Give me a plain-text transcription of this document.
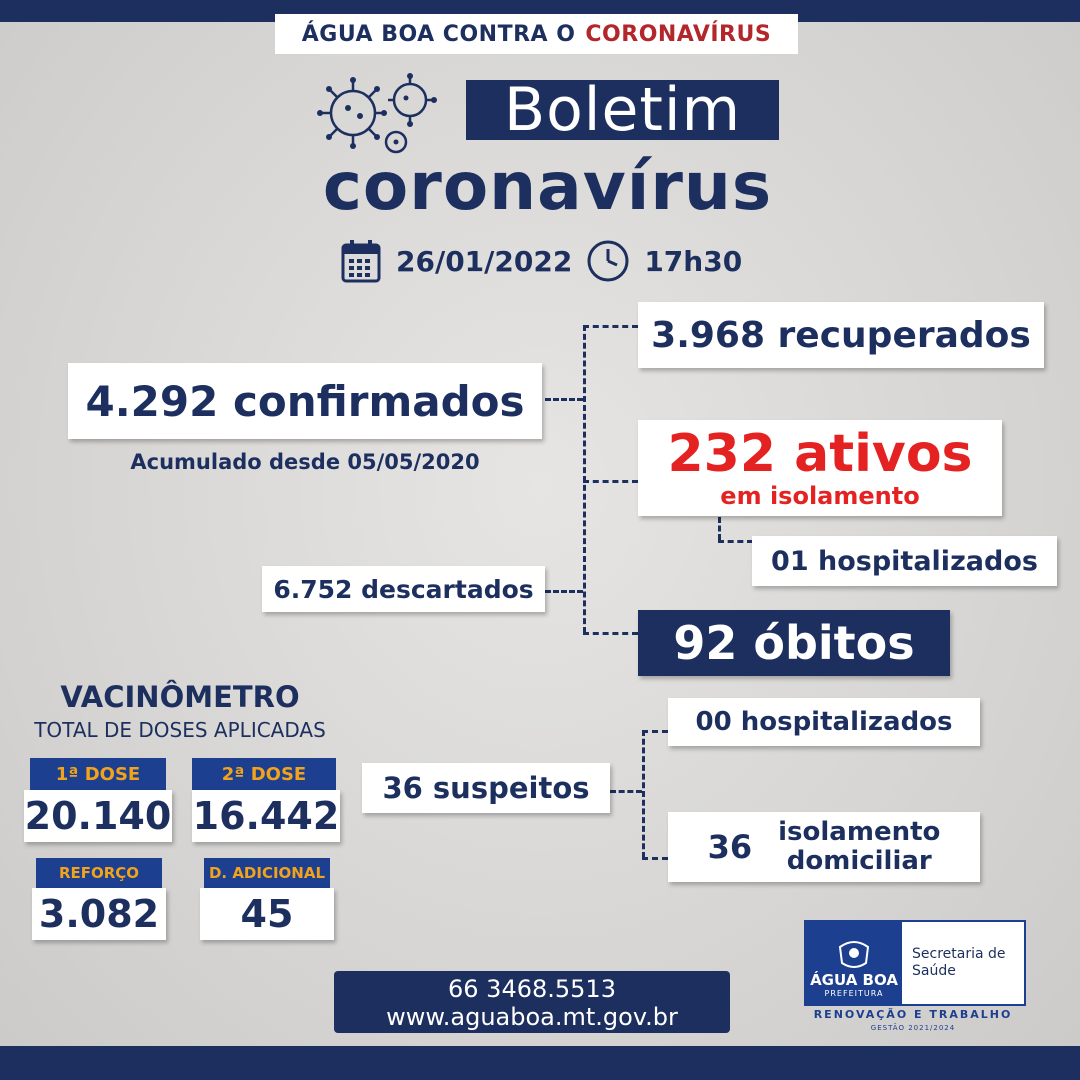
ÁGUA BOA CONTRA O CORONAVÍRUS
Boletim
coronavírus
26/01/2022	17h30
4.292 confirmados
Acumulado desde 05/05/2020
3.968 recuperados
232 ativos
em isolamento
01 hospitalizados
6.752 descartados
92 óbitos
00 hospitalizados
36 suspeitos
36 isolamento
domiciliar
VACINÔMETRO
TOTAL DE DOSES APLICADAS
1ª DOSE
20.140
2ª DOSE
16.442
REFORÇO
3.082
D. ADICIONAL
45
66 3468.5513
www.aguaboa.mt.gov.br
ÁGUA BOA
PREFEITURA
Secretaria de
Saúde
RENOVAÇÃO E TRABALHO
GESTÃO 2021/2024
